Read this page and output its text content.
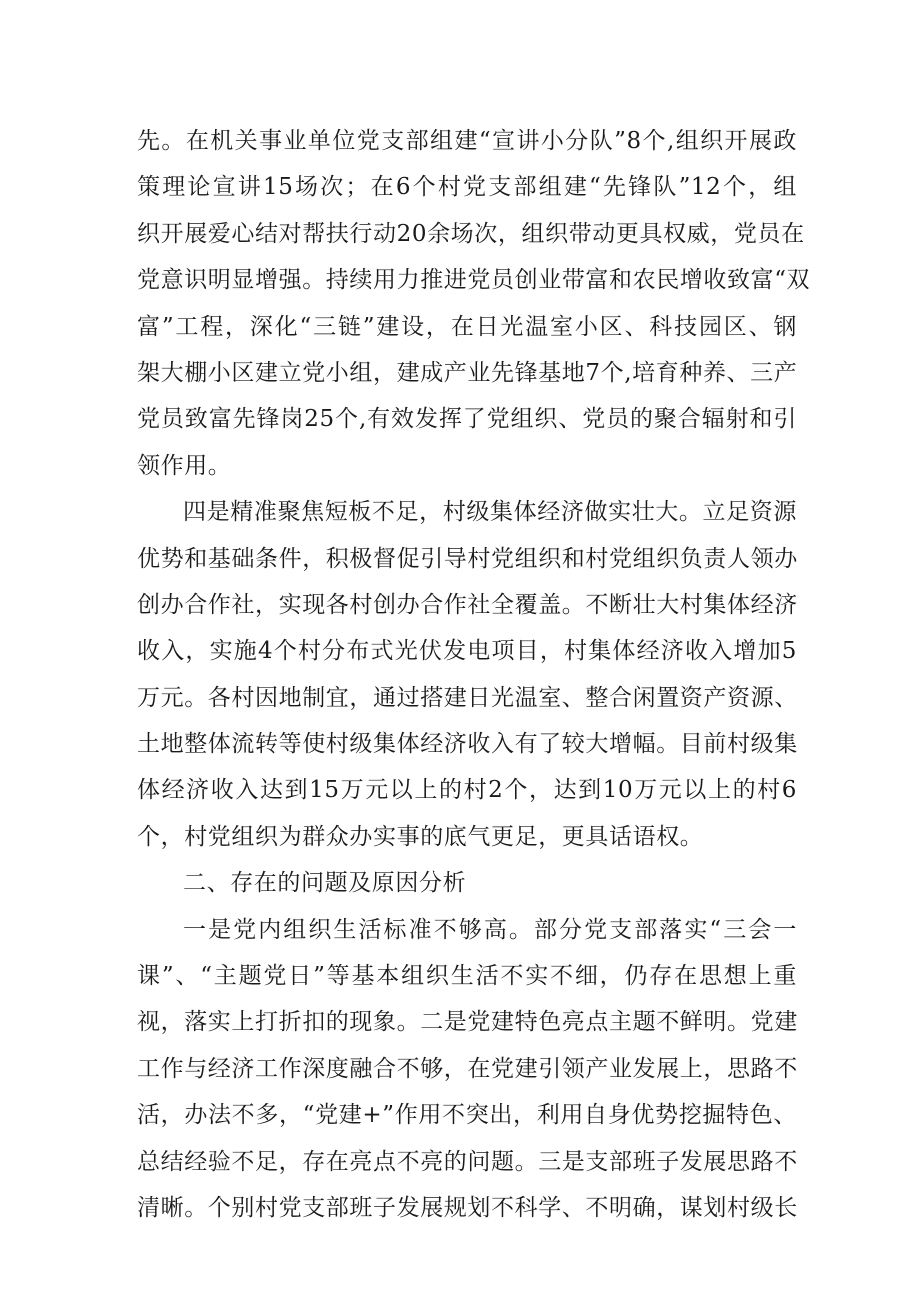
先。在机关事业单位党支部组建“宣讲小分队”8个,组织开展政
策理论宣讲15场次；在6个村党支部组建“先锋队”12个，组
织开展爱心结对帮扶行动20余场次，组织带动更具权威，党员在
党意识明显增强。持续用力推进党员创业带富和农民增收致富“双
富”工程，深化“三链”建设，在日光温室小区、科技园区、钢
架大棚小区建立党小组，建成产业先锋基地7个,培育种养、三产
党员致富先锋岗25个,有效发挥了党组织、党员的聚合辐射和引
领作用。
四是精准聚焦短板不足，村级集体经济做实壮大。立足资源
优势和基础条件，积极督促引导村党组织和村党组织负责人领办
创办合作社，实现各村创办合作社全覆盖。不断壮大村集体经济
收入，实施4个村分布式光伏发电项目，村集体经济收入增加5
万元。各村因地制宜，通过搭建日光温室、整合闲置资产资源、
土地整体流转等使村级集体经济收入有了较大增幅。目前村级集
体经济收入达到15万元以上的村2个，达到10万元以上的村6
个，村党组织为群众办实事的底气更足，更具话语权。
二、存在的问题及原因分析
一是党内组织生活标准不够高。部分党支部落实“三会一
课”、“主题党日”等基本组织生活不实不细，仍存在思想上重
视，落实上打折扣的现象。二是党建特色亮点主题不鲜明。党建
工作与经济工作深度融合不够，在党建引领产业发展上，思路不
活，办法不多，“党建+”作用不突出，利用自身优势挖掘特色、
总结经验不足，存在亮点不亮的问题。三是支部班子发展思路不
清晰。个别村党支部班子发展规划不科学、不明确，谋划村级长
